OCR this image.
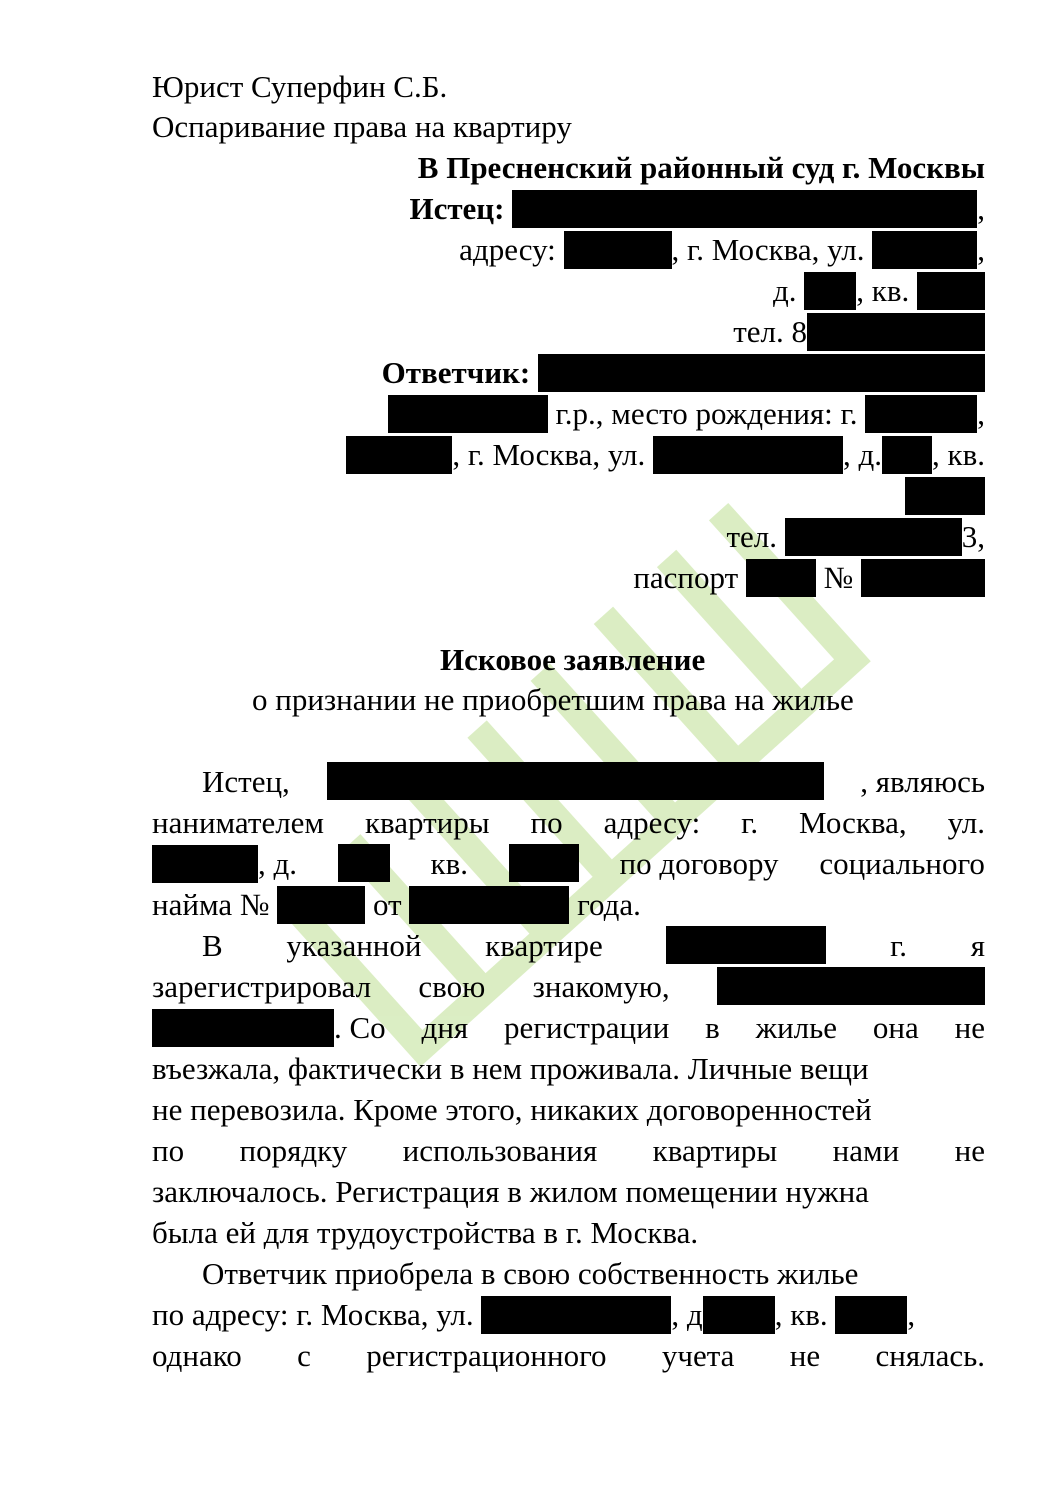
Юрист Суперфин С.Б.
Оспаривание права на квартиру
В Пресненский районный суд г. Москвы
Истец:	,
адресу:	, г. Москва, ул.	,
д. , кв.
тел. 8
Ответчик:
г.р., место рождения: г.	,
, г. Москва, ул.	, д. , кв.
тел.	3,
паспорт	№
Исковое заявление
о признании не приобретшим права на жилье
Истец,	, являюсь
нанимателем квартиры по адресу: г. Москва, ул.
, д.	кв.	по договору социального
найма №	от	года.
В указанной квартире	г. я
зарегистрировал свою знакомую,
. Со дня регистрации в жилье она не
въезжала, фактически в нем проживала. Личные вещи
не перевозила. Кроме этого, никаких договоренностей
по порядку использования квартиры нами не
заключалось. Регистрация в жилом помещении нужна
была ей для трудоустройства в г. Москва.
Ответчик приобрела в свою собственность жилье
по адресу: г. Москва, ул.	, д , кв.	,
однако с регистрационного учета не снялась.
